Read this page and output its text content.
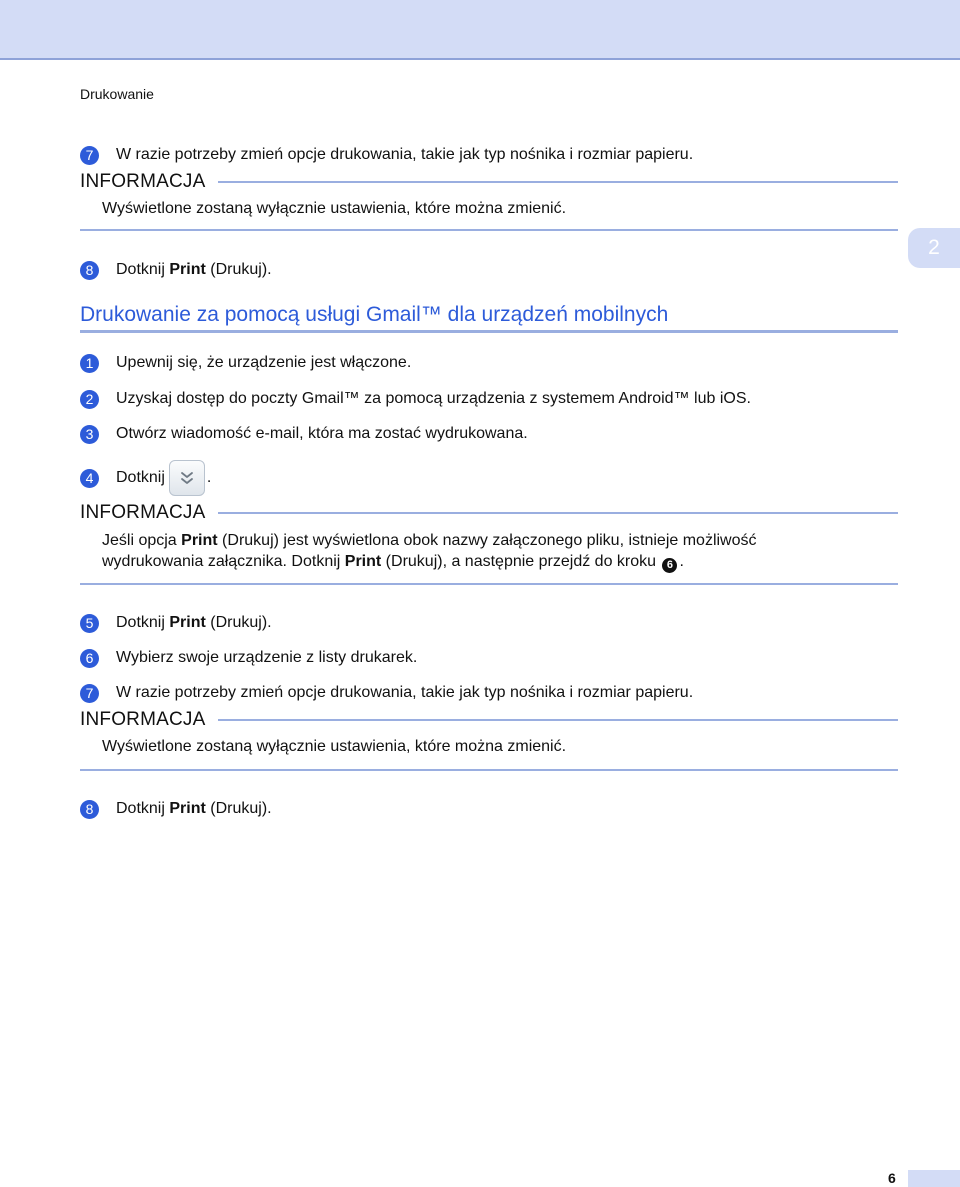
Drukowanie
2
7	W razie potrzeby zmień opcje drukowania, takie jak typ nośnika i rozmiar papieru.
INFORMACJA
Wyświetlone zostaną wyłącznie ustawienia, które można zmienić.
8	Dotknij Print (Drukuj).
Drukowanie za pomocą usługi Gmail™ dla urządzeń mobilnych
1	Upewnij się, że urządzenie jest włączone.
2	Uzyskaj dostęp do poczty Gmail™ za pomocą urządzenia z systemem Android™ lub iOS.
3	Otwórz wiadomość e-mail, która ma zostać wydrukowana.
4	Dotknij	.
INFORMACJA
Jeśli opcja Print (Drukuj) jest wyświetlona obok nazwy załączonego pliku, istnieje możliwość
wydrukowania załącznika. Dotknij Print (Drukuj), a następnie przejdź do kroku 6 .
5	Dotknij Print (Drukuj).
6	Wybierz swoje urządzenie z listy drukarek.
7	W razie potrzeby zmień opcje drukowania, takie jak typ nośnika i rozmiar papieru.
INFORMACJA
Wyświetlone zostaną wyłącznie ustawienia, które można zmienić.
8	Dotknij Print (Drukuj).
6
